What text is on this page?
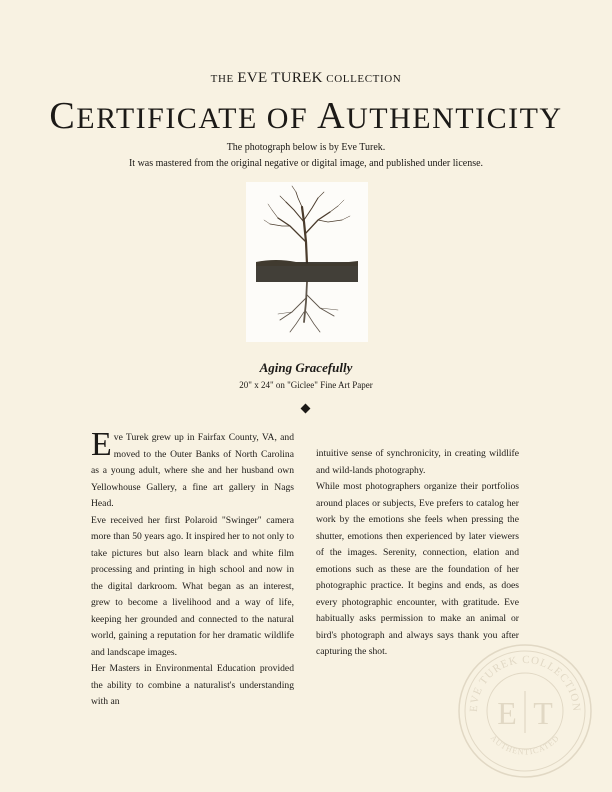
THE EVE TUREK COLLECTION
CERTIFICATE OF AUTHENTICITY
The photograph below is by Eve Turek.
It was mastered from the original negative or digital image, and published under license.
Aging Gracefully
20" x 24" on "Giclee" Fine Art Paper

Eve Turek grew up in Fairfax County, VA, and moved to the Outer Banks of North Carolina as a young adult, where she and her husband own Yellowhouse Gallery, a fine art gallery in Nags Head.

Eve received her first Polaroid "Swinger" camera more than 50 years ago. It inspired her to not only to take pictures but also learn black and white film processing and printing in high school and now in the digital darkroom. What began as an interest, grew to become a livelihood and a way of life, keeping her grounded and connected to the natural world, gaining a reputation for her dramatic wildlife and landscape images.

Her Masters in Environmental Education provided the ability to combine a naturalist's understanding with an

intuitive sense of synchronicity, in creating wildlife and wild-lands photography.

While most photographers organize their portfolios around places or subjects, Eve prefers to catalog her work by the emotions she feels when pressing the shutter, emotions then experienced by later viewers of the images. Serenity, connection, elation and emotions such as these are the foundation of her photographic practice. It begins and ends, as does every photographic encounter, with gratitude. Eve habitually asks permission to make an animal or bird's photograph and always says thank you after capturing the shot.

EVE TUREK COLLECTION
AUTHENTICATED
E T
